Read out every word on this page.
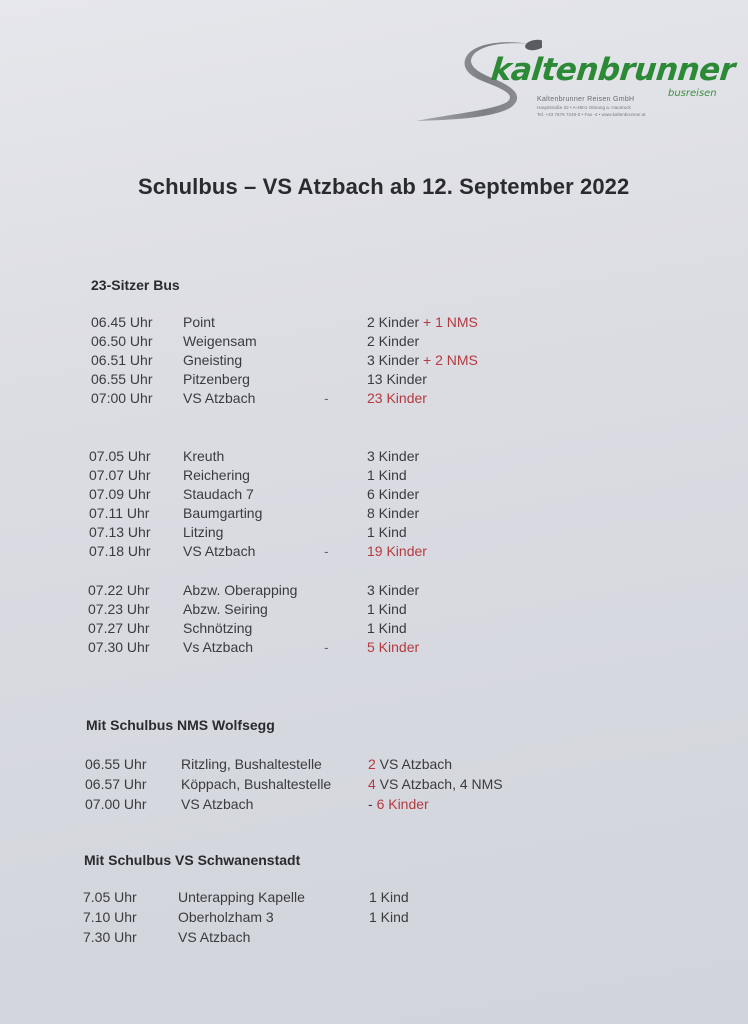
kaltenbrunner
busreisen
Kaltenbrunner Reisen GmbH
Hauptstraße 32 • A-4901 Ottnang a. Hausruck
Tel. +43 7676 7240-0 • Fax -4 • www.kaltenbrunner.at
Schulbus – VS Atzbach ab 12. September 2022
23-Sitzer Bus
06.45 Uhr Point	2 Kinder + 1 NMS
06.50 Uhr Weigensam	2 Kinder
06.51 Uhr Gneisting	3 Kinder + 2 NMS
06.55 Uhr Pitzenberg	13 Kinder
07:00 Uhr VS Atzbach	-	23 Kinder
07.05 Uhr Kreuth	3 Kinder
07.07 Uhr Reichering	1 Kind
07.09 Uhr Staudach 7	6 Kinder
07.11 Uhr Baumgarting	8 Kinder
07.13 Uhr Litzing	1 Kind
07.18 Uhr VS Atzbach	-	19 Kinder
07.22 Uhr Abzw. Oberapping	3 Kinder
07.23 Uhr Abzw. Seiring	1 Kind
07.27 Uhr Schnötzing	1 Kind
07.30 Uhr Vs Atzbach	-	5 Kinder
Mit Schulbus NMS Wolfsegg
06.55 Uhr Ritzling, Bushaltestelle	2 VS Atzbach
06.57 Uhr Köppach, Bushaltestelle	4 VS Atzbach, 4 NMS
07.00 Uhr VS Atzbach	- 6 Kinder
Mit Schulbus VS Schwanenstadt
7.05 Uhr	Unterapping Kapelle	1 Kind
7.10 Uhr	Oberholzham 3	1 Kind
7.30 Uhr	VS Atzbach
